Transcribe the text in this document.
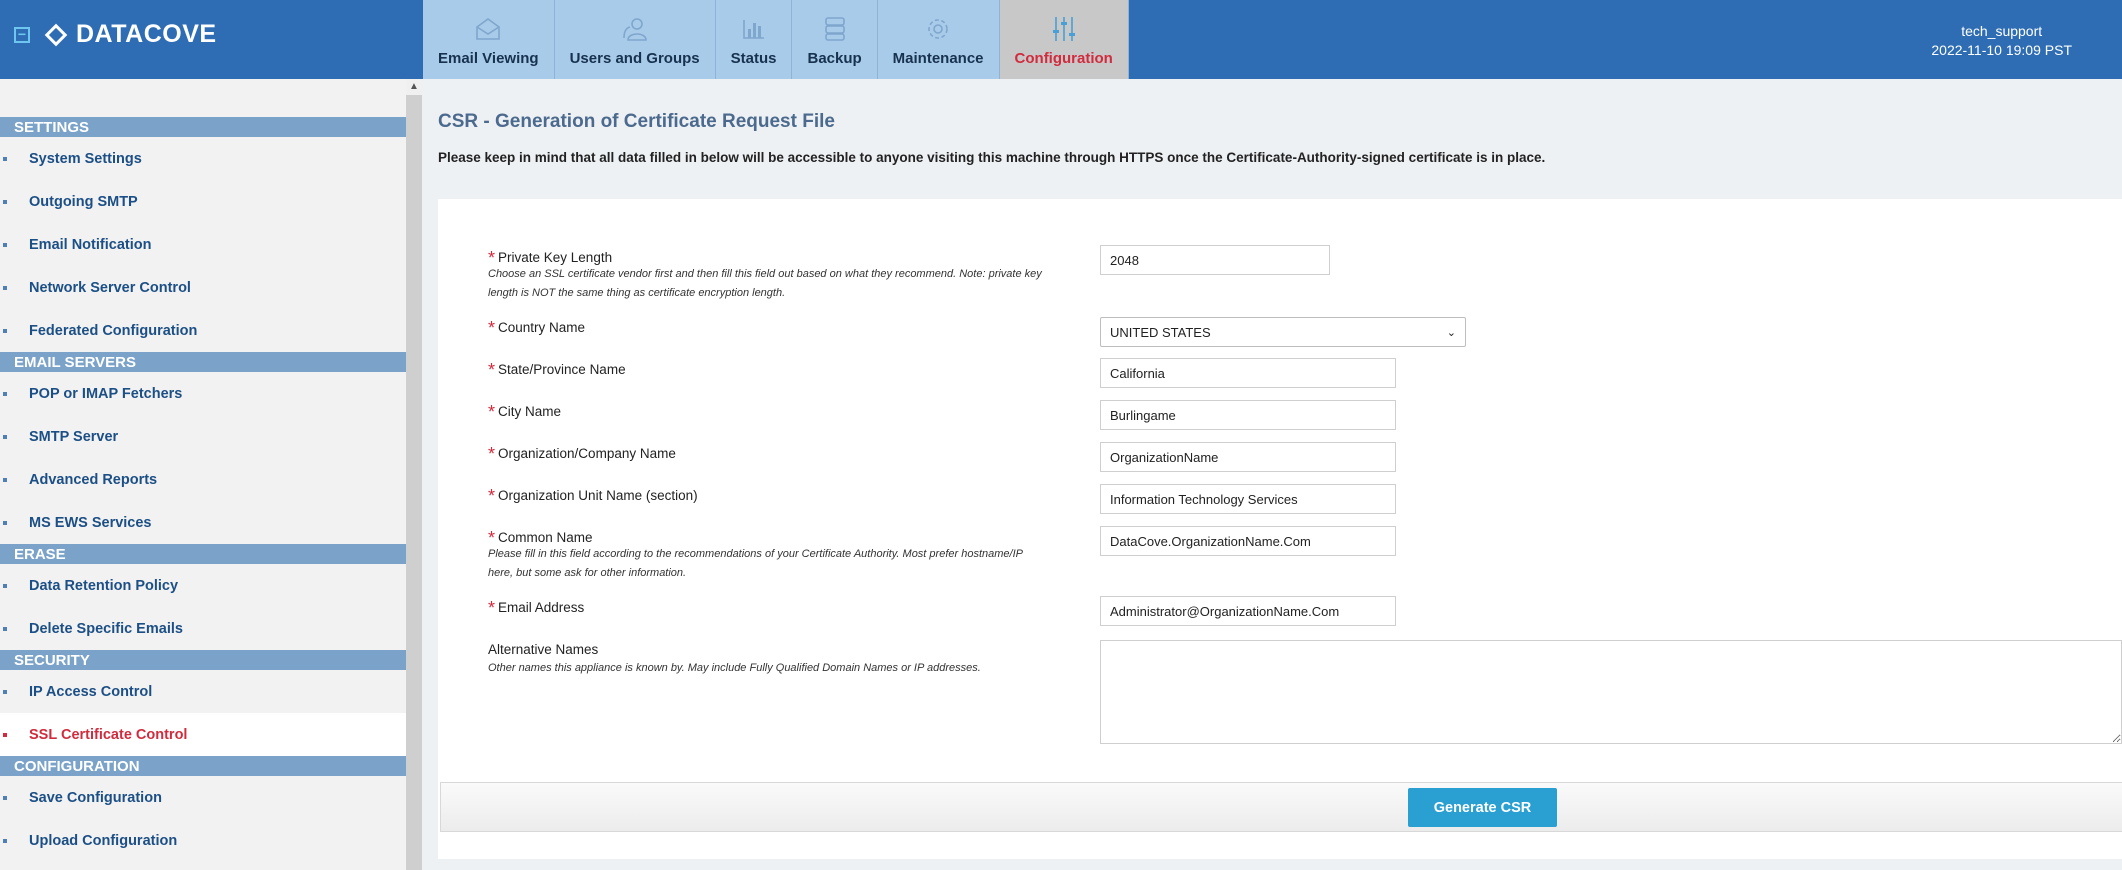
− DATACOVE
Email Viewing Users and Groups Status Backup Maintenance Configuration
tech_support
2022-11-10 19:09 PST
SETTINGS
System Settings
Outgoing SMTP
Email Notification
Network Server Control
Federated Configuration
EMAIL SERVERS
POP or IMAP Fetchers
SMTP Server
Advanced Reports
MS EWS Services
ERASE
Data Retention Policy
Delete Specific Emails
SECURITY
IP Access Control
SSL Certificate Control
CONFIGURATION
Save Configuration
Upload Configuration
▲
CSR - Generation of Certificate Request File
Please keep in mind that all data filled in below will be accessible to anyone visiting this machine through HTTPS once the Certificate-Authority-signed certificate is in place.
* Private Key Length
Choose an SSL certificate vendor first and then fill this field out based on what they recommend. Note: private key
length is NOT the same thing as certificate encryption length.
2048
* Country Name	UNITED STATES	⌄
* State/Province Name
California
* City Name
Burlingame
* Organization/Company Name
OrganizationName
* Organization Unit Name (section)
Information Technology Services
* Common Name
Please fill in this field according to the recommendations of your Certificate Authority. Most prefer hostname/IP
here, but some ask for other information.
DataCove.OrganizationName.Com
* Email Address
Administrator@OrganizationName.Com
Alternative Names
Other names this appliance is known by. May include Fully Qualified Domain Names or IP addresses.
Generate CSR
